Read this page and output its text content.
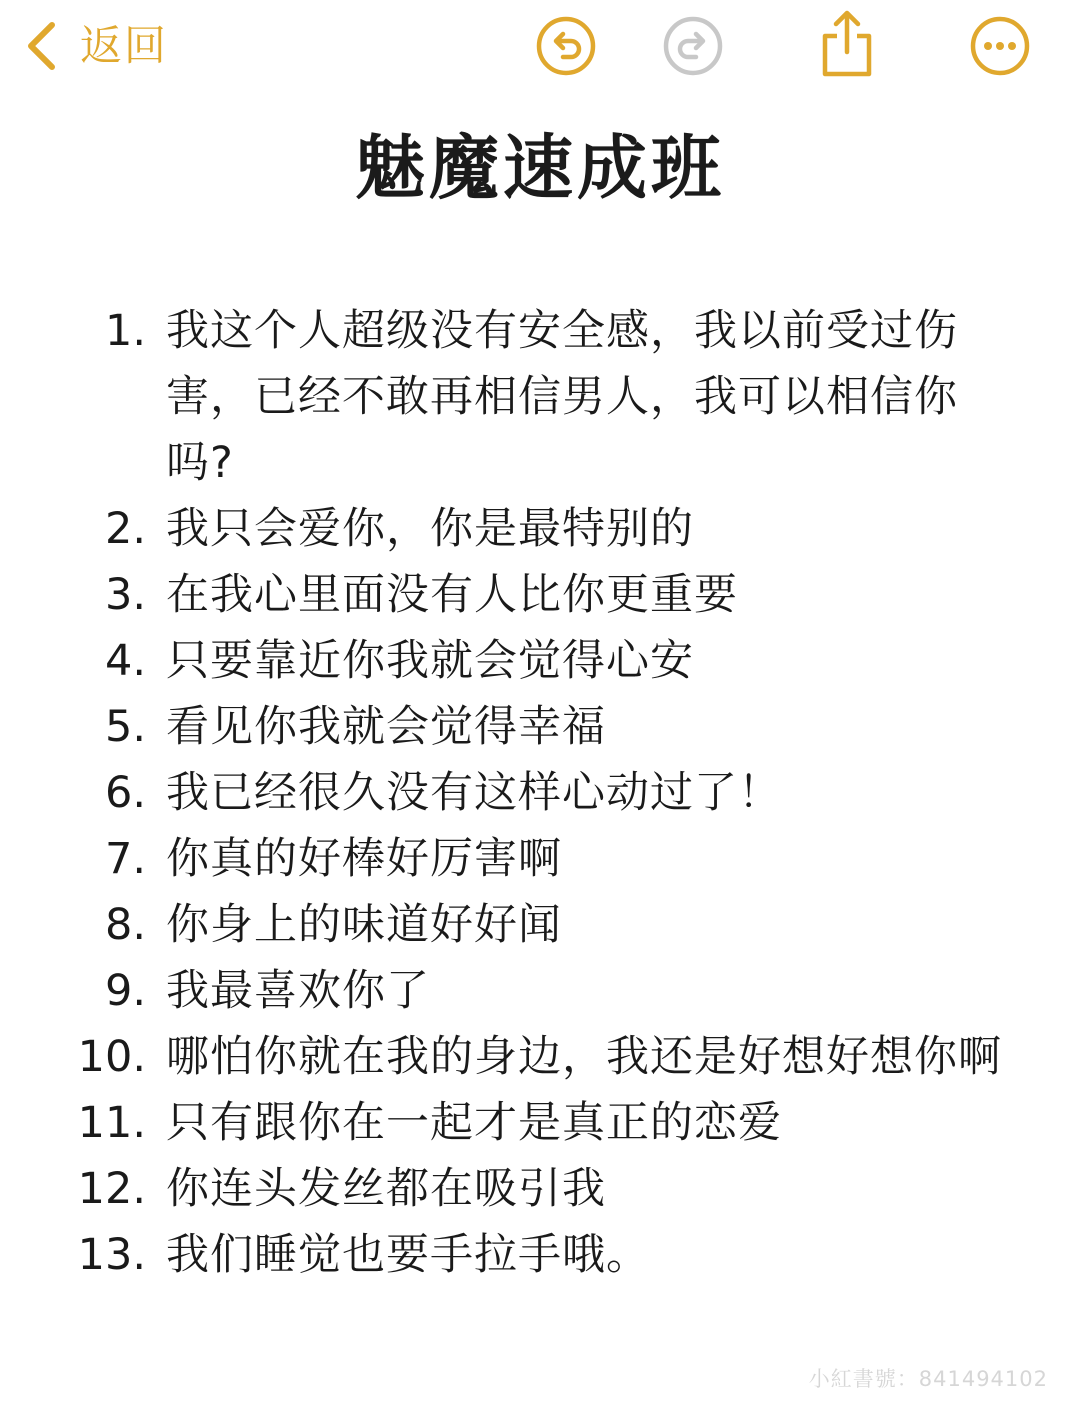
返回
魅魔速成班
1. 我这个人超级没有安全感，我以前受过伤害，已经不敢再相信男人，我可以相信你吗?
2. 我只会爱你，你是最特别的
3. 在我心里面没有人比你更重要
4. 只要靠近你我就会觉得心安
5. 看见你我就会觉得幸福
6. 我已经很久没有这样心动过了！
7. 你真的好棒好厉害啊
8. 你身上的味道好好闻
9. 我最喜欢你了
10. 哪怕你就在我的身边，我还是好想好想你啊
11. 只有跟你在一起才是真正的恋爱
12. 你连头发丝都在吸引我
13. 我们睡觉也要手拉手哦。
小紅書號：841494102
